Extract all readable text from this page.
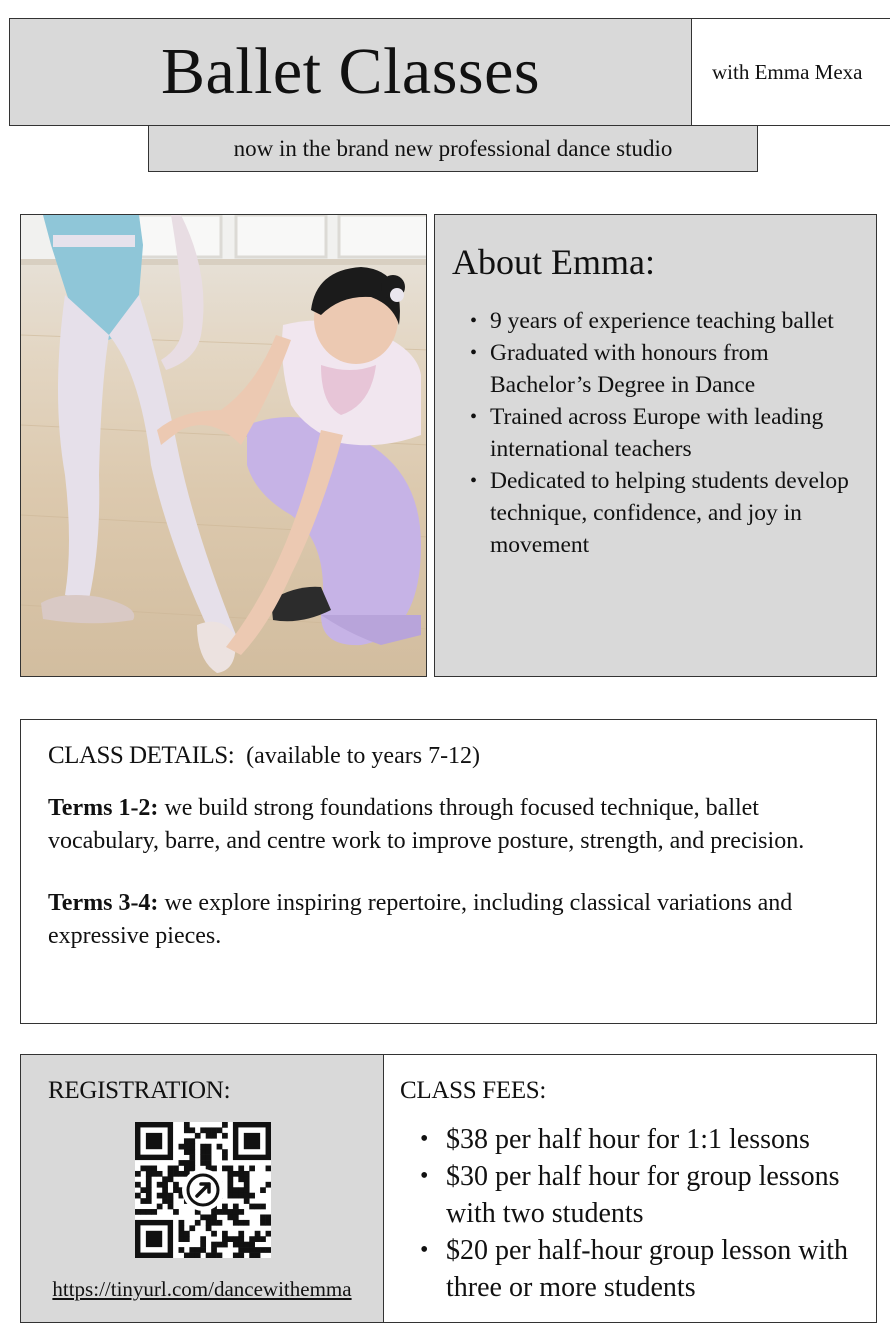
Ballet Classes	with Emma Mexa
now in the brand new professional dance studio
About Emma:
• 9 years of experience teaching ballet
• Graduated with honours from Bachelor’s Degree in Dance
• Trained across Europe with leading international teachers
• Dedicated to helping students develop technique, confidence, and joy in movement
CLASS DETAILS: (available to years 7-12)

Terms 1-2: we build strong foundations through focused technique, ballet vocabulary, barre, and centre work to improve posture, strength, and precision.

Terms 3-4: we explore inspiring repertoire, including classical variations and expressive pieces.

REGISTRATION:
https://tinyurl.com/dancewithemma
CLASS FEES:
• $38 per half hour for 1:1 lessons
• $30 per half hour for group lessons with two students
• $20 per half-hour group lesson with three or more students
